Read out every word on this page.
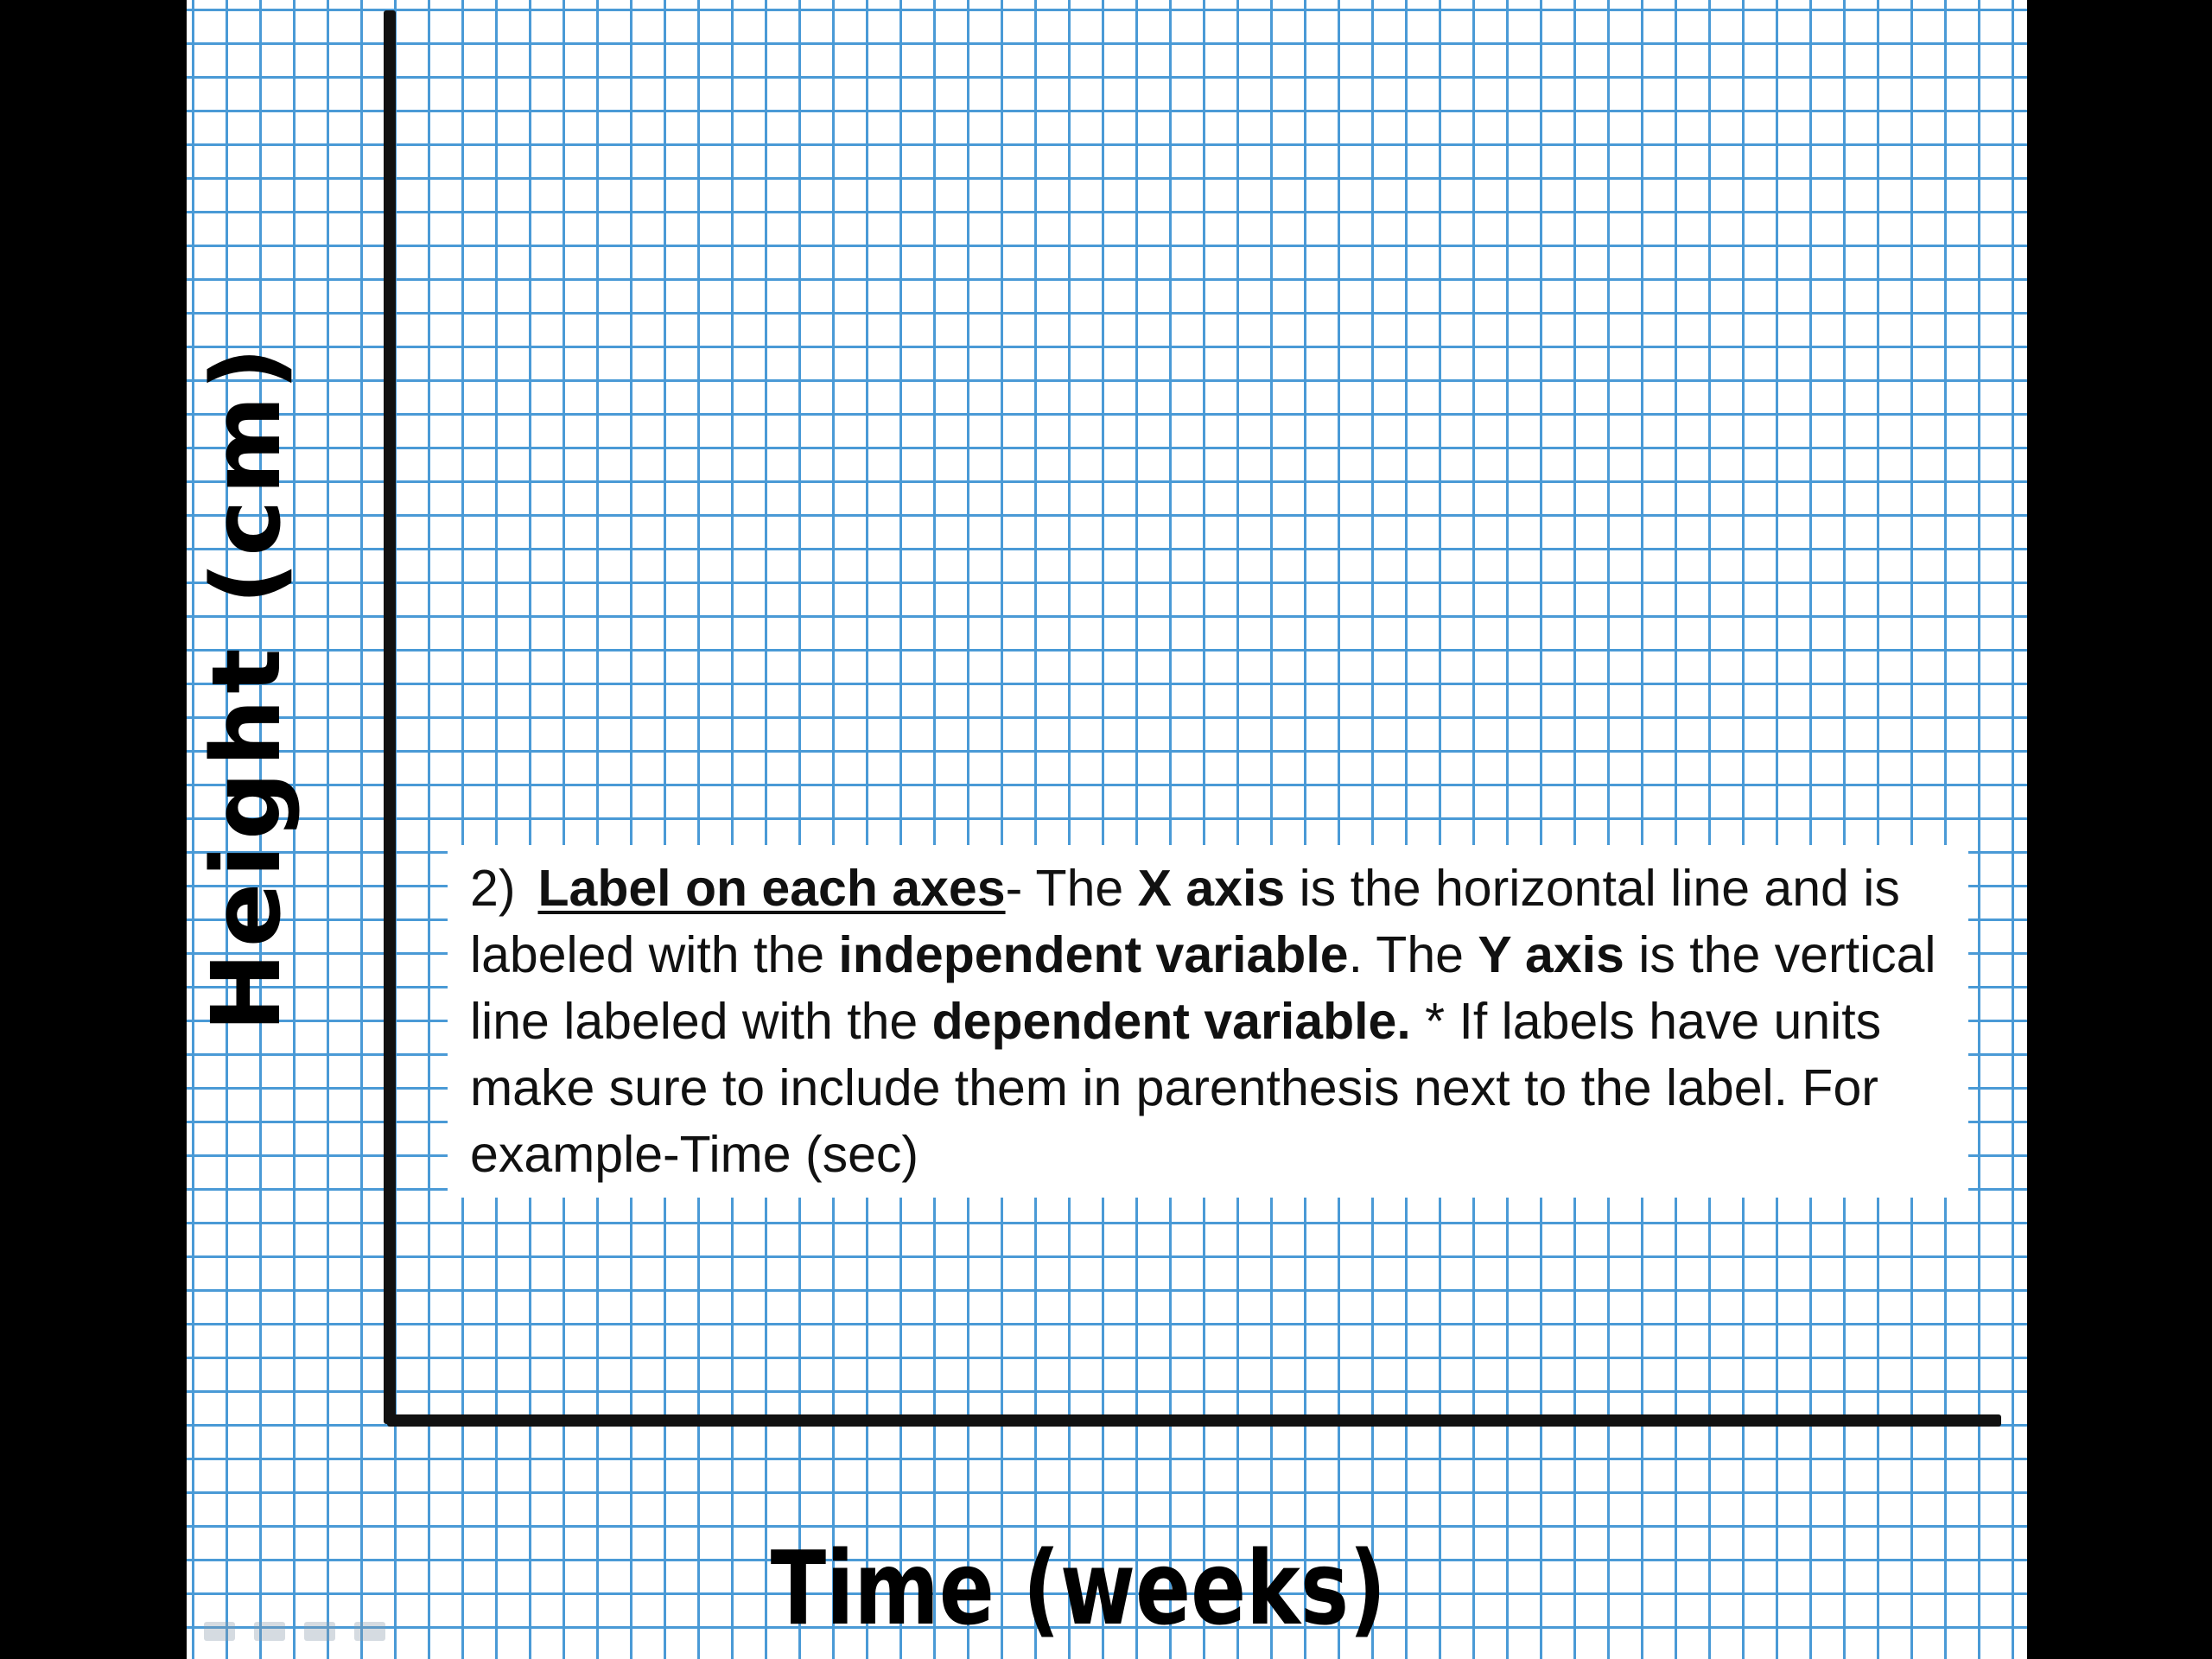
2) Label on each axes- The X axis is the horizontal line and is labeled with the independent variable. The Y axis is the vertical line labeled with the dependent variable. * If labels have units make sure to include them in parenthesis next to the label. For example-Time (sec)
Height (cm)
Time (weeks)
